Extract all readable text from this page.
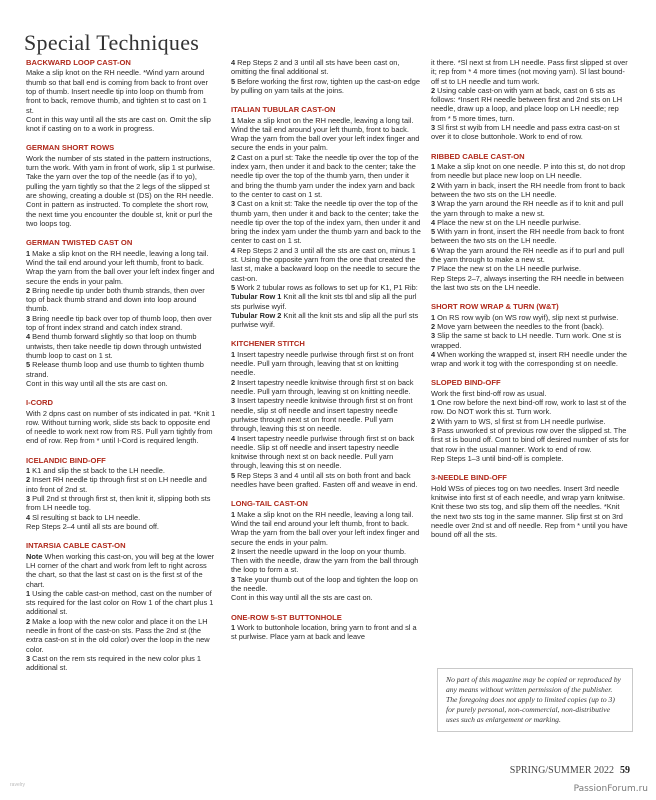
Special Techniques
BACKWARD LOOP CAST-ON

Make a slip knot on the RH needle. *Wind yarn around thumb so that ball end is coming from back to front over top of thumb. Insert needle tip into loop on thumb from front to back, remove thumb, and tighten st to cast on 1 st.

Cont in this way until all the sts are cast on. Omit the slip knot if casting on to a work in progress.

GERMAN SHORT ROWS

Work the number of sts stated in the pattern instructions, turn the work. With yarn in front of work, slip 1 st purlwise. Take the yarn over the top of the needle (as if to yo), pulling the yarn tightly so that the 2 legs of the slipped st are showing, creating a double st (DS) on the RH needle. Cont in pattern as instructed. To complete the short row, the next time you encounter the double st, knit or purl the two loops tog.

GERMAN TWISTED CAST ON

1 Make a slip knot on the RH needle, leaving a long tail. Wind the tail end around your left thumb, front to back. Wrap the yarn from the ball over your left index finger and secure the ends in your palm.

2 Bring needle tip under both thumb strands, then over top of back thumb strand and down into loop around thumb.

3 Bring needle tip back over top of thumb loop, then over top of front index strand and catch index strand.

4 Bend thumb forward slightly so that loop on thumb untwists, then take needle tip down through untwisted thumb loop to cast on 1 st.

5 Release thumb loop and use thumb to tighten thumb strand.

Cont in this way until all the sts are cast on.

I-CORD

With 2 dpns cast on number of sts indicated in pat. *Knit 1 row. Without turning work, slide sts back to opposite end of needle to work next row from RS. Pull yarn tightly from end of row. Rep from * until I-Cord is required length.

ICELANDIC BIND-OFF

1 K1 and slip the st back to the LH needle.

2 Insert RH needle tip through first st on LH needle and into front of 2nd st.

3 Pull 2nd st through first st, then knit it, slipping both sts from LH needle tog.

4 Sl resulting st back to LH needle.

Rep Steps 2–4 until all sts are bound off.

INTARSIA CABLE CAST-ON

Note When working this cast-on, you will beg at the lower LH corner of the chart and work from left to right across the chart, so that the last st cast on is the first st of the chart.

1 Using the cable cast-on method, cast on the number of sts required for the last color on Row 1 of the chart plus 1 additional st.

2 Make a loop with the new color and place it on the LH needle in front of the cast-on sts. Pass the 2nd st (the extra cast-on st in the old color) over the loop in the new color.

3 Cast on the rem sts required in the new color plus 1 additional st.

4 Rep Steps 2 and 3 until all sts have been cast on, omitting the final additional st.

5 Before working the first row, tighten up the cast-on edge by pulling on yarn tails at the joins.

ITALIAN TUBULAR CAST-ON

1 Make a slip knot on the RH needle, leaving a long tail. Wind the tail end around your left thumb, front to back. Wrap the yarn from the ball over your left index finger and secure the ends in your palm.

2 Cast on a purl st: Take the needle tip over the top of the index yarn, then under it and back to the center; take the needle tip over the top of the thumb yarn, then under it and bring the thumb yarn under the index yarn and back to the center to cast on 1 st.

3 Cast on a knit st: Take the needle tip over the top of the thumb yarn, then under it and back to the center; take the needle tip over the top of the index yarn, then under it and bring the index yarn under the thumb yarn and back to the center to cast on 1 st.

4 Rep Steps 2 and 3 until all the sts are cast on, minus 1 st. Using the opposite yarn from the one that created the last st, make a backward loop on the needle to secure the cast-on.

5 Work 2 tubular rows as follows to set up for K1, P1 Rib:

Tubular Row 1 Knit all the knit sts tbl and slip all the purl sts purlwise wyif.

Tubular Row 2 Knit all the knit sts and slip all the purl sts purlwise wyif.

KITCHENER STITCH

1 Insert tapestry needle purlwise through first st on front needle. Pull yarn through, leaving that st on knitting needle.

2 Insert tapestry needle knitwise through first st on back needle. Pull yarn through, leaving st on knitting needle.

3 Insert tapestry needle knitwise through first st on front needle, slip st off needle and insert tapestry needle purlwise through next st on front needle. Pull yarn through, leaving this st on needle.

4 Insert tapestry needle purlwise through first st on back needle. Slip st off needle and insert tapestry needle knitwise through next st on back needle. Pull yarn through, leaving this st on needle.

5 Rep Steps 3 and 4 until all sts on both front and back needles have been grafted. Fasten off and weave in end.

LONG-TAIL CAST-ON

1 Make a slip knot on the RH needle, leaving a long tail. Wind the tail end around your left thumb, front to back. Wrap the yarn from the ball over your left index finger and secure the ends in your palm.

2 Insert the needle upward in the loop on your thumb. Then with the needle, draw the yarn from the ball through the loop to form a st.

3 Take your thumb out of the loop and tighten the loop on the needle.

Cont in this way until all the sts are cast on.

ONE-ROW 5-ST BUTTONHOLE

1 Work to buttonhole location, bring yarn to front and sl a st purlwise. Place yarn at back and leave

it there. *Sl next st from LH needle. Pass first slipped st over it; rep from * 4 more times (not moving yarn). Sl last bound-off st to LH needle and turn work.

2 Using cable cast-on with yarn at back, cast on 6 sts as follows: *Insert RH needle between first and 2nd sts on LH needle, draw up a loop, and place loop on LH needle; rep from * 5 more times, turn.

3 Sl first st wyib from LH needle and pass extra cast-on st over it to close buttonhole. Work to end of row.

RIBBED CABLE CAST-ON

1 Make a slip knot on one needle. P into this st, do not drop from needle but place new loop on LH needle.

2 With yarn in back, insert the RH needle from front to back between the two sts on the LH needle.

3 Wrap the yarn around the RH needle as if to knit and pull the yarn through to make a new st.

4 Place the new st on the LH needle purlwise.

5 With yarn in front, insert the RH needle from back to front between the two sts on the LH needle.

6 Wrap the yarn around the RH needle as if to purl and pull the yarn through to make a new st.

7 Place the new st on the LH needle purlwise.

Rep Steps 2–7, always inserting the RH needle in between the last two sts on the LH needle.

SHORT ROW WRAP & TURN (W&T)

1 On RS row wyib (on WS row wyif), slip next st purlwise.

2 Move yarn between the needles to the front (back).

3 Slip the same st back to LH needle. Turn work. One st is wrapped.

4 When working the wrapped st, insert RH needle under the wrap and work it tog with the corresponding st on needle.

SLOPED BIND-OFF

Work the first bind-off row as usual.

1 One row before the next bind-off row, work to last st of the row. Do NOT work this st. Turn work.

2 With yarn to WS, sl first st from LH needle purlwise.

3 Pass unworked st of previous row over the slipped st. The first st is bound off. Cont to bind off desired number of sts for that row in the usual manner. Work to end of row.

Rep Steps 1–3 until bind-off is complete.

3-NEEDLE BIND-OFF

Hold WSs of pieces tog on two needles. Insert 3rd needle knitwise into first st of each needle, and wrap yarn knitwise. Knit these two sts tog, and slip them off the needles. *Knit the next two sts tog in the same manner. Slip first st on 3rd needle over 2nd st and off needle. Rep from * until you have bound off all the sts.

No part of this magazine may be copied or reproduced by any means without written permission of the publisher. The foregoing does not apply to limited copies (up to 3) for purely personal, non-commercial, non-distributive uses such as enlargement or marking.
SPRING/SUMMER 2022 59
PassionForum.ru
ravelry
